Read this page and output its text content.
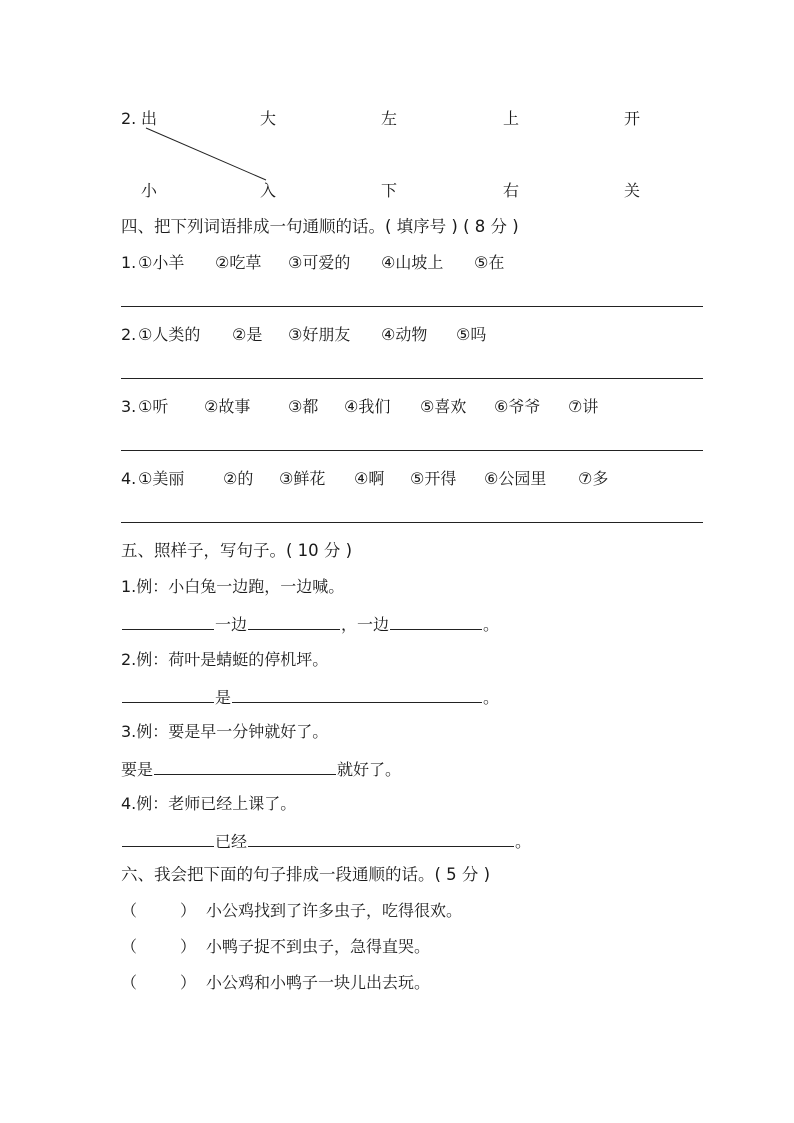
2. 出	大	左	上	开
小	入	下	右	关
四、把下列词语排成一句通顺的话。( 填序号 ) ( 8 分 )
1. ①小羊 ②吃草 ③可爱的 ④山坡上 ⑤在
2. ①人类的 ②是 ③好朋友 ④动物 ⑤吗
3. ①听 ②故事 ③都 ④我们 ⑤喜欢 ⑥爷爷 ⑦讲
4. ①美丽 ②的 ③鲜花 ④啊 ⑤开得 ⑥公园里 ⑦多
五、照样子，写句子。( 10 分 )
1.例：小白兔一边跑，一边喊。
一边	，一边	。
2.例：荷叶是蜻蜓的停机坪。
是	。
3.例：要是早一分钟就好了。
要是	就好了。
4.例：老师已经上课了。
已经	。
六、我会把下面的句子排成一段通顺的话。( 5 分 )
（	） 小公鸡找到了许多虫子，吃得很欢。
（	） 小鸭子捉不到虫子，急得直哭。
（	） 小公鸡和小鸭子一块儿出去玩。
